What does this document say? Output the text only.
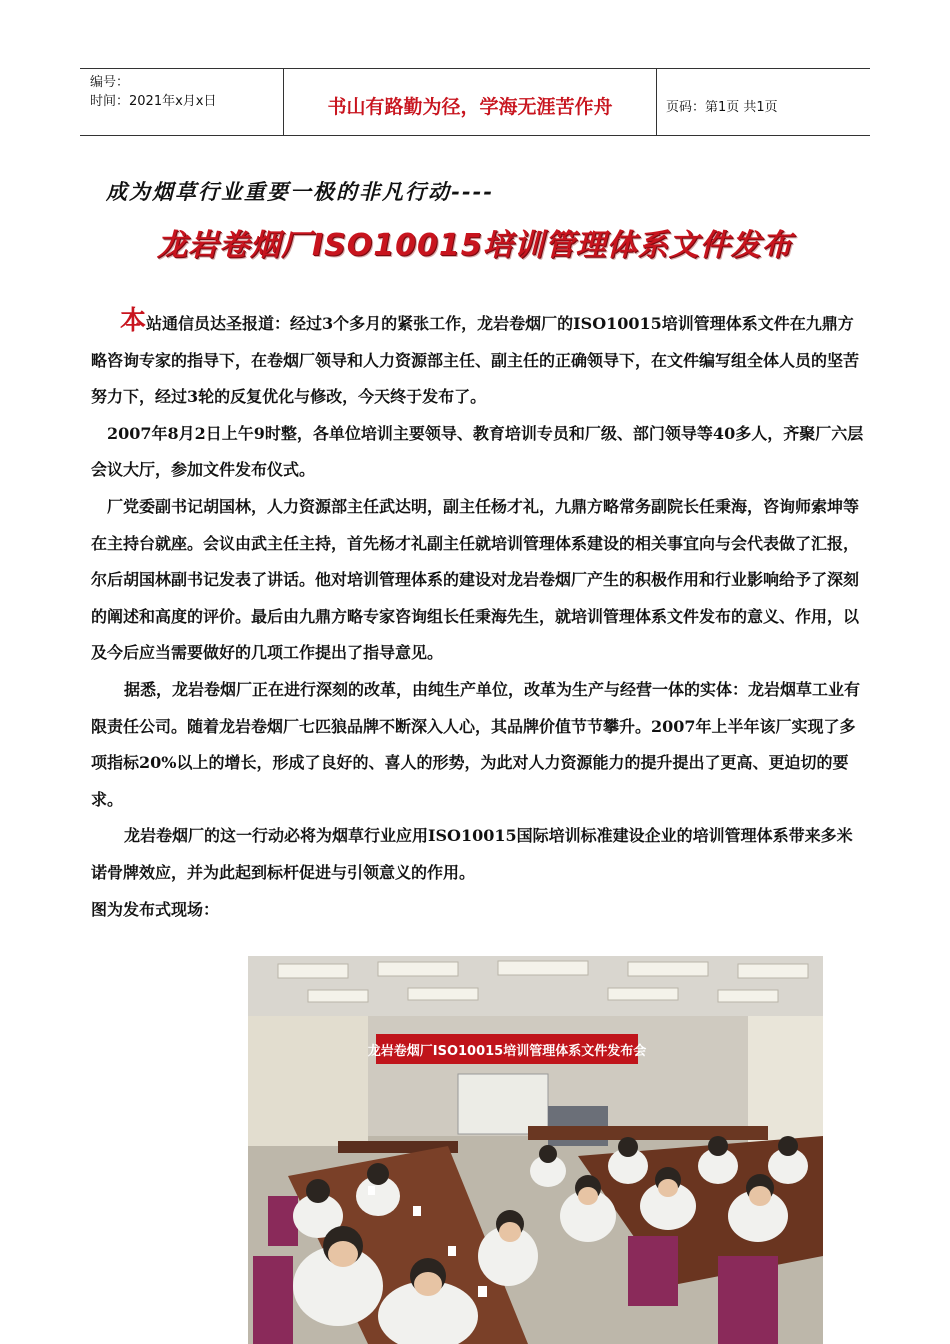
编号：
时间：2021年x月x日	书山有路勤为径，学海无涯苦作舟	页码：第1页 共1页
成为烟草行业重要一极的非凡行动----
龙岩卷烟厂ISO10015培训管理体系文件发布

本站通信员达圣报道：经过3个多月的紧张工作，龙岩卷烟厂的ISO10015培训管理体系文件在九鼎方略咨询专家的指导下，在卷烟厂领导和人力资源部主任、副主任的正确领导下，在文件编写组全体人员的坚苦努力下，经过3轮的反复优化与修改，今天终于发布了。

2007年8月2日上午9时整，各单位培训主要领导、教育培训专员和厂级、部门领导等40多人，齐聚厂六层会议大厅，参加文件发布仪式。

厂党委副书记胡国林，人力资源部主任武达明，副主任杨才礼，九鼎方略常务副院长任秉海，咨询师索坤等在主持台就座。会议由武主任主持，首先杨才礼副主任就培训管理体系建设的相关事宜向与会代表做了汇报，尔后胡国林副书记发表了讲话。他对培训管理体系的建设对龙岩卷烟厂产生的积极作用和行业影响给予了深刻的阐述和高度的评价。最后由九鼎方略专家咨询组长任秉海先生，就培训管理体系文件发布的意义、作用，以及今后应当需要做好的几项工作提出了指导意见。

据悉，龙岩卷烟厂正在进行深刻的改革，由纯生产单位，改革为生产与经营一体的实体：龙岩烟草工业有限责任公司。随着龙岩卷烟厂七匹狼品牌不断深入人心，其品牌价值节节攀升。2007年上半年该厂实现了多项指标20%以上的增长，形成了良好的、喜人的形势，为此对人力资源能力的提升提出了更高、更迫切的要求。

龙岩卷烟厂的这一行动必将为烟草行业应用ISO10015国际培训标准建设企业的培训管理体系带来多米诺骨牌效应，并为此起到标杆促进与引领意义的作用。

图为发布式现场：

龙岩卷烟厂ISO10015培训管理体系文件发布会
